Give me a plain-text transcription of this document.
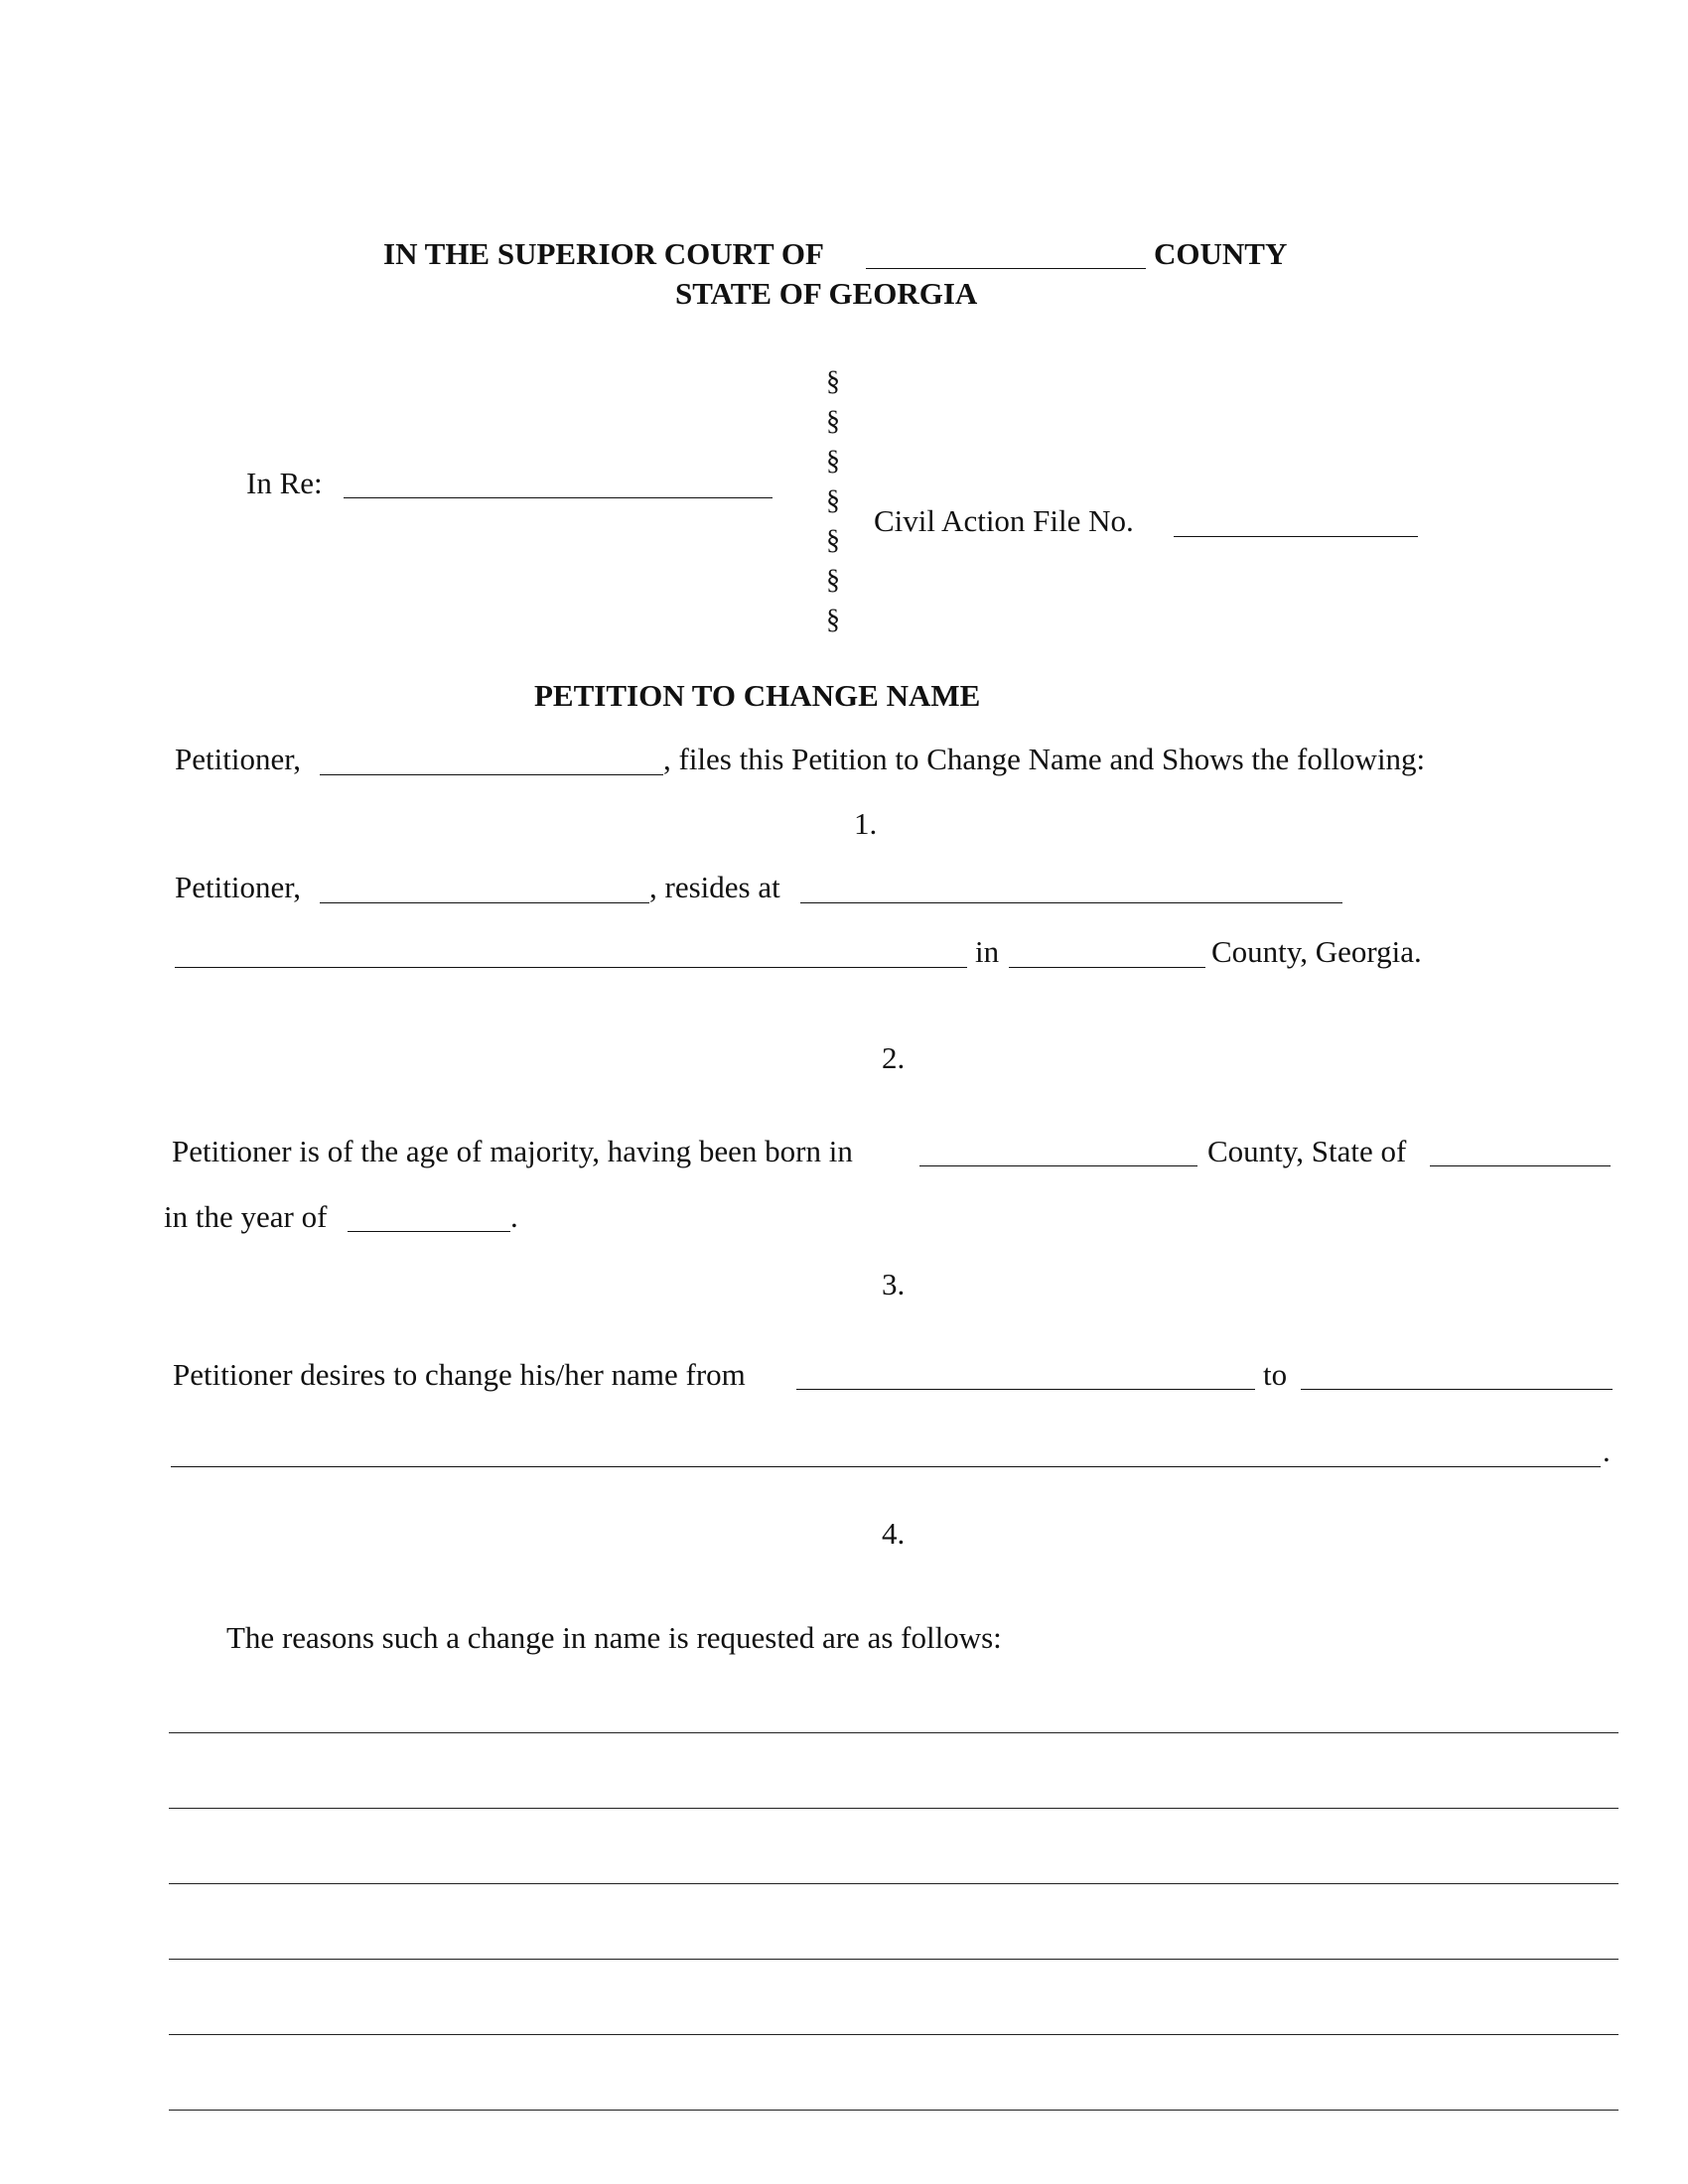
IN THE SUPERIOR COURT OF	COUNTY
STATE OF GEORGIA
§
§
§
§
§
§
§
In Re:
Civil Action File No.
PETITION TO CHANGE NAME
Petitioner,	, files this Petition to Change Name and Shows the following:
1.
Petitioner,	, resides at
in	County, Georgia.
2.
Petitioner is of the age of majority, having been born in	County, State of
in the year of	.
3.
Petitioner desires to change his/her name from	to
.
4.
The reasons such a change in name is requested are as follows:
